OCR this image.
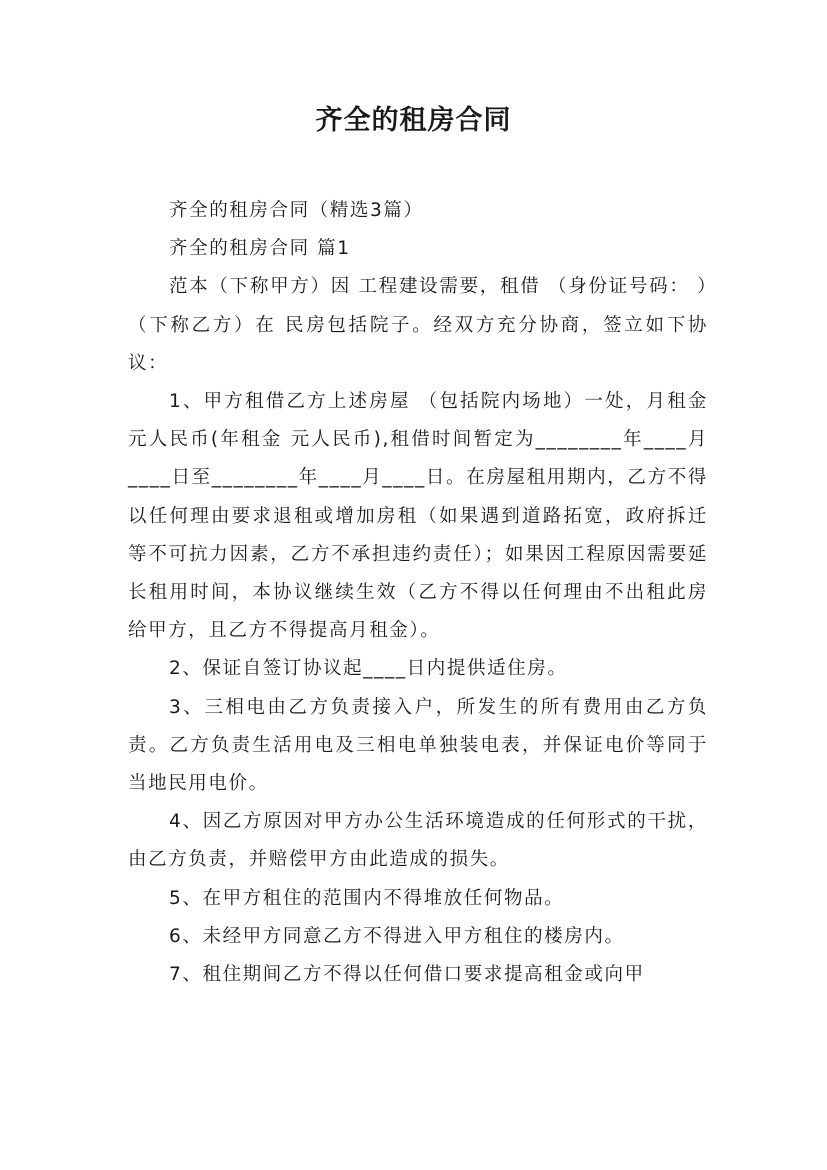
齐全的租房合同

齐全的租房合同（精选3篇）

齐全的租房合同 篇1

范本（下称甲方）因 工程建设需要，租借 （身份证号码： ）（下称乙方）在 民房包括院子。经双方充分协商，签立如下协议：

1、甲方租借乙方上述房屋 （包括院内场地）一处，月租金元人民币(年租金 元人民币),租借时间暂定为________年____月____日至________年____月____日。在房屋租用期内，乙方不得以任何理由要求退租或增加房租（如果遇到道路拓宽，政府拆迁等不可抗力因素，乙方不承担违约责任）；如果因工程原因需要延长租用时间，本协议继续生效（乙方不得以任何理由不出租此房给甲方，且乙方不得提高月租金）。

2、保证自签订协议起____日内提供适住房。

3、三相电由乙方负责接入户，所发生的所有费用由乙方负责。乙方负责生活用电及三相电单独装电表，并保证电价等同于当地民用电价。

4、因乙方原因对甲方办公生活环境造成的任何形式的干扰，由乙方负责，并赔偿甲方由此造成的损失。

5、在甲方租住的范围内不得堆放任何物品。

6、未经甲方同意乙方不得进入甲方租住的楼房内。

7、租住期间乙方不得以任何借口要求提高租金或向甲
